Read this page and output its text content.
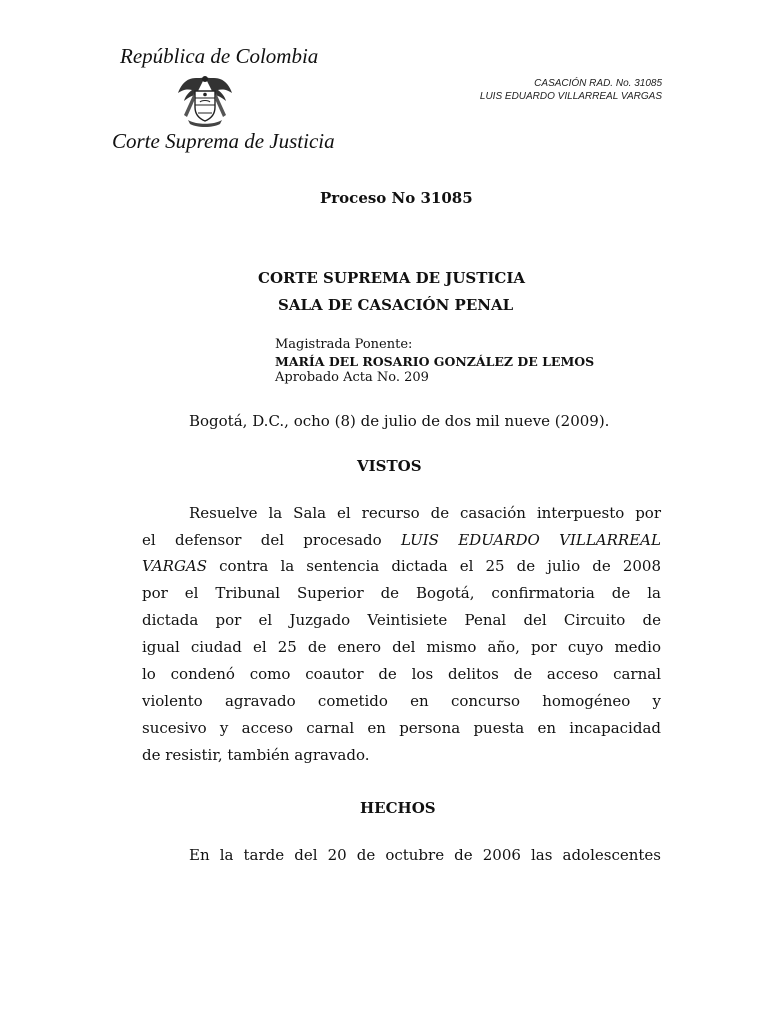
República de Colombia
Corte Suprema de Justicia
CASACIÓN RAD. No. 31085
LUIS EDUARDO VILLARREAL VARGAS
Proceso No 31085
CORTE SUPREMA DE JUSTICIA
SALA DE CASACIÓN PENAL
Magistrada Ponente:
MARÍA DEL ROSARIO GONZÁLEZ DE LEMOS
Aprobado Acta No. 209
Bogotá, D.C., ocho (8) de julio de dos mil nueve (2009).
VISTOS
Resuelve la Sala el recurso de casación interpuesto por
el defensor del procesado LUIS EDUARDO VILLARREAL
VARGAS contra la sentencia dictada el 25 de julio de 2008
por el Tribunal Superior de Bogotá, confirmatoria de la
dictada por el Juzgado Veintisiete Penal del Circuito de
igual ciudad el 25 de enero del mismo año, por cuyo medio
lo condenó como coautor de los delitos de acceso carnal
violento agravado cometido en concurso homogéneo y
sucesivo y acceso carnal en persona puesta en incapacidad
de resistir, también agravado.
HECHOS
En la tarde del 20 de octubre de 2006 las adolescentes
